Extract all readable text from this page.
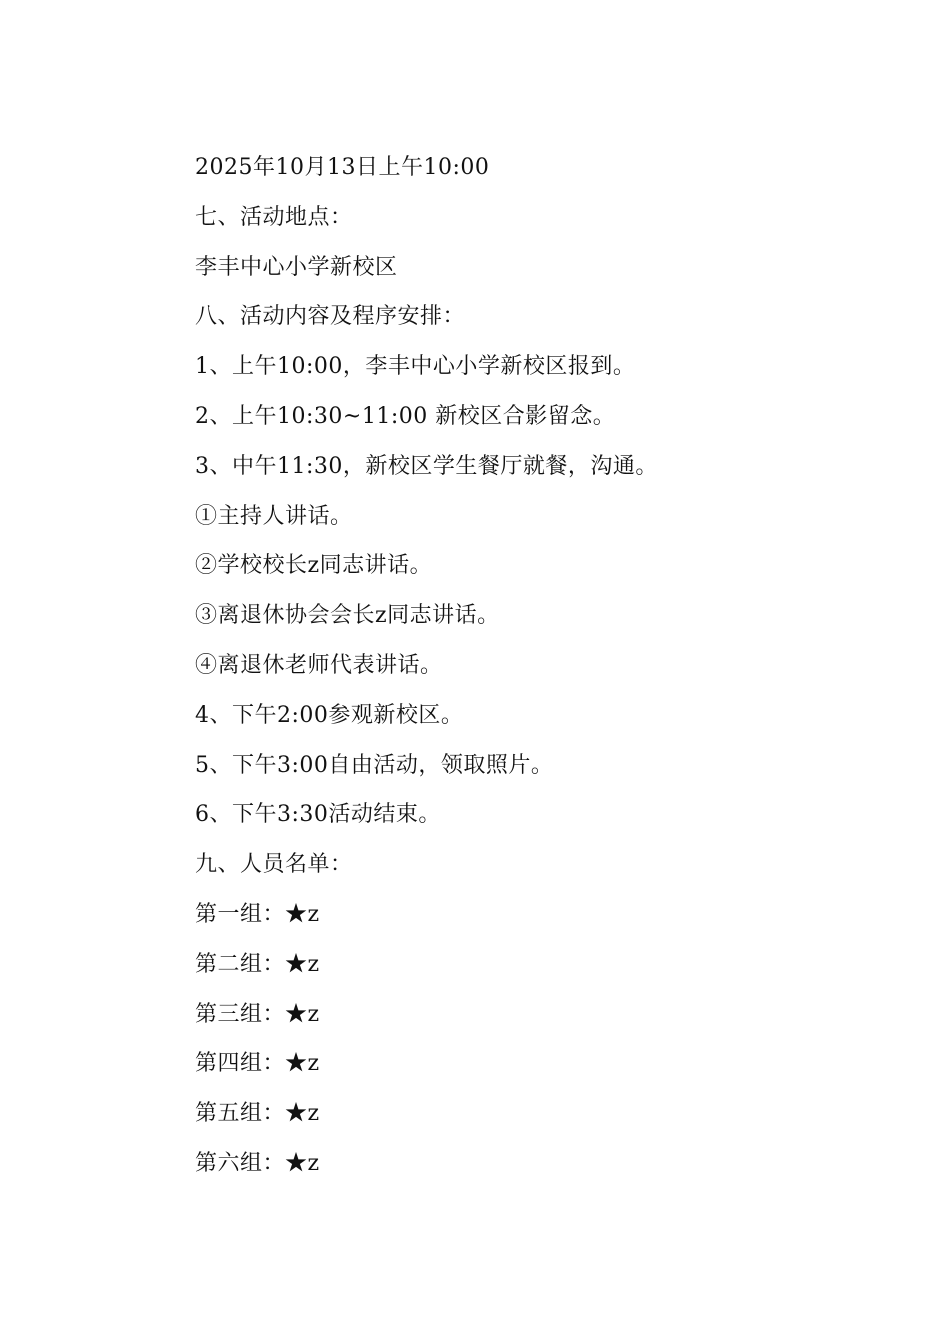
2025年10月13日上午10:00
七、活动地点：
李丰中心小学新校区
八、活动内容及程序安排：
1、上午10:00，李丰中心小学新校区报到。
2、上午10:30~11:00 新校区合影留念。
3、中午11:30，新校区学生餐厅就餐，沟通。
①主持人讲话。
②学校校长z同志讲话。
③离退休协会会长z同志讲话。
④离退休老师代表讲话。
4、下午2:00参观新校区。
5、下午3:00自由活动，领取照片。
6、下午3:30活动结束。
九、人员名单：
第一组：★z
第二组：★z
第三组：★z
第四组：★z
第五组：★z
第六组：★z
